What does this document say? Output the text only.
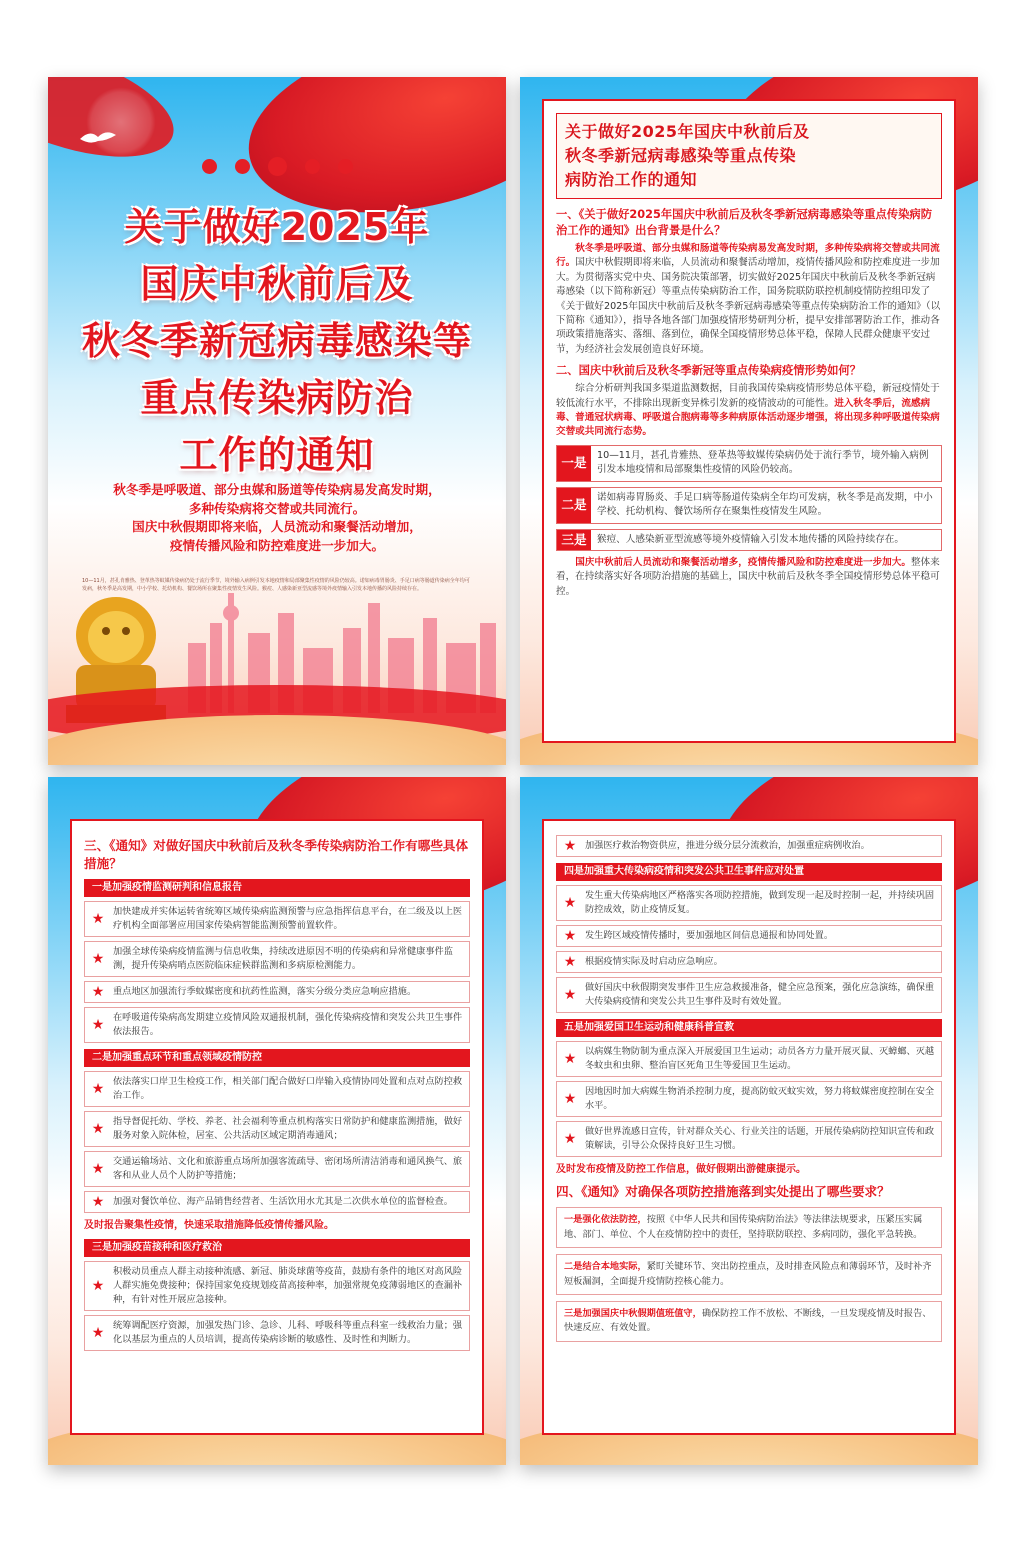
关于做好2025年
国庆中秋前后及
秋冬季新冠病毒感染等
重点传染病防治
工作的通知
秋冬季是呼吸道、部分虫媒和肠道等传染病易发高发时期，
多种传染病将交替或共同流行。
国庆中秋假期即将来临，人员流动和聚餐活动增加，
疫情传播风险和防控难度进一步加大。
10—11月，甚孔肯雅热、登革热等蚊媒传染病仍处于流行季节，境外输入病例引发本地疫情和局部聚集性疫情的风险仍较高。诺如病毒胃肠炎、手足口病等肠道传染病全年均可发病，秋冬季是高发期，中小学校、托幼机构、餐饮场所在聚集性疫情发生风险。猴痘、人感染新亚型流感等境外疫情输入引发本地传播的风险持续存在。
关于做好2025年国庆中秋前后及
秋冬季新冠病毒感染等重点传染
病防治工作的通知
一、《关于做好2025年国庆中秋前后及秋冬季新冠病毒感染等重点传染病防治工作的通知》出台背景是什么？

秋冬季是呼吸道、部分虫媒和肠道等传染病易发高发时期，多种传染病将交替或共同流行。国庆中秋假期即将来临，人员流动和聚餐活动增加，疫情传播风险和防控难度进一步加大。为贯彻落实党中央、国务院决策部署，切实做好2025年国庆中秋前后及秋冬季新冠病毒感染（以下简称新冠）等重点传染病防治工作，国务院联防联控机制疫情防控组印发了《关于做好2025年国庆中秋前后及秋冬季新冠病毒感染等重点传染病防治工作的通知》（以下简称《通知》），指导各地各部门加强疫情形势研判分析，提早安排部署防治工作，推动各项政策措施落实、落细、落到位，确保全国疫情形势总体平稳，保障人民群众健康平安过节，为经济社会发展创造良好环境。

二、国庆中秋前后及秋冬季新冠等重点传染病疫情形势如何？

综合分析研判我国多渠道监测数据，目前我国传染病疫情形势总体平稳，新冠疫情处于较低流行水平，不排除出现新变异株引发新的疫情波动的可能性。进入秋冬季后，流感病毒、普通冠状病毒、呼吸道合胞病毒等多种病原体活动逐步增强，将出现多种呼吸道传染病交替或共同流行态势。

一是	10—11月，甚孔肯雅热、登革热等蚊媒传染病仍处于流行季节，境外输入病例引发本地疫情和局部聚集性疫情的风险仍较高。
二是	诺如病毒胃肠炎、手足口病等肠道传染病全年均可发病，秋冬季是高发期，中小学校、托幼机构、餐饮场所存在聚集性疫情发生风险。
三是	猴痘、人感染新亚型流感等境外疫情输入引发本地传播的风险持续存在。

国庆中秋前后人员流动和聚餐活动增多，疫情传播风险和防控难度进一步加大。整体来看，在持续落实好各项防治措施的基础上，国庆中秋前后及秋冬季全国疫情形势总体平稳可控。

三、《通知》对做好国庆中秋前后及秋冬季传染病防治工作有哪些具体措施？
一是加强疫情监测研判和信息报告
★ 加快建成并实体运转省统筹区域传染病监测预警与应急指挥信息平台，在二级及以上医疗机构全面部署应用国家传染病智能监测预警前置软件。
★ 加强全球传染病疫情监测与信息收集，持续改进原因不明的传染病和异常健康事件监测，提升传染病哨点医院临床症候群监测和多病原检测能力。
★ 重点地区加强流行季蚊媒密度和抗药性监测，落实分级分类应急响应措施。
★ 在呼吸道传染病高发期建立疫情风险双通报机制，强化传染病疫情和突发公共卫生事件依法报告。
二是加强重点环节和重点领域疫情防控
★ 依法落实口岸卫生检疫工作，相关部门配合做好口岸输入疫情协同处置和点对点防控救治工作。
★ 指导督促托幼、学校、养老、社会福利等重点机构落实日常防护和健康监测措施，做好服务对象入院体检，居室、公共活动区域定期消毒通风；
★ 交通运输场站、文化和旅游重点场所加强客流疏导、密闭场所清洁消毒和通风换气、旅客和从业人员个人防护等措施；
★ 加强对餐饮单位、海产品销售经营者、生活饮用水尤其是二次供水单位的监督检查。
及时报告聚集性疫情，快速采取措施降低疫情传播风险。
三是加强疫苗接种和医疗救治
★
积极动员重点人群主动接种流感、新冠、肺炎球菌等疫苗，鼓励有条件的地区对高风险人群实施免费接种；保持国家免疫规划疫苗高接种率，加强常规免疫薄弱地区的查漏补种，有针对性开展应急接种。
★ 统筹调配医疗资源，加强发热门诊、急诊、儿科、呼吸科等重点科室一线救治力量；强化以基层为重点的人员培训，提高传染病诊断的敏感性、及时性和判断力。
★ 加强医疗救治物资供应，推进分级分层分流救治，加强重症病例收治。
四是加强重大传染病疫情和突发公共卫生事件应对处置
★ 发生重大传染病地区严格落实各项防控措施，做到发现一起及时控制一起，并持续巩固防控成效，防止疫情反复。
★ 发生跨区域疫情传播时，要加强地区间信息通报和协同处置。
★ 根据疫情实际及时启动应急响应。
★ 做好国庆中秋假期突发事件卫生应急救援准备，健全应急预案，强化应急演练，确保重大传染病疫情和突发公共卫生事件及时有效处置。
五是加强爱国卫生运动和健康科普宣教
★ 以病媒生物防制为重点深入开展爱国卫生运动；动员各方力量开展灭鼠、灭蟑螂、灭越冬蚊虫和虫卵、整治盲区死角卫生等爱国卫生运动。
★ 因地因时加大病媒生物消杀控制力度，提高防蚊灭蚊实效，努力将蚊媒密度控制在安全水平。
★ 做好世界流感日宣传，针对群众关心、行业关注的话题，开展传染病防控知识宣传和政策解读，引导公众保持良好卫生习惯。
及时发布疫情及防控工作信息，做好假期出游健康提示。
四、《通知》对确保各项防控措施落到实处提出了哪些要求？
一是强化依法防控，按照《中华人民共和国传染病防治法》等法律法规要求，压紧压实属地、部门、单位、个人在疫情防控中的责任，坚持联防联控、多病同防，强化平急转换。
二是结合本地实际，紧盯关键环节、突出防控重点，及时排查风险点和薄弱环节，及时补齐短板漏洞，全面提升疫情防控核心能力。
三是加强国庆中秋假期值班值守，确保防控工作不放松、不断线，一旦发现疫情及时报告、快速反应、有效处置。
